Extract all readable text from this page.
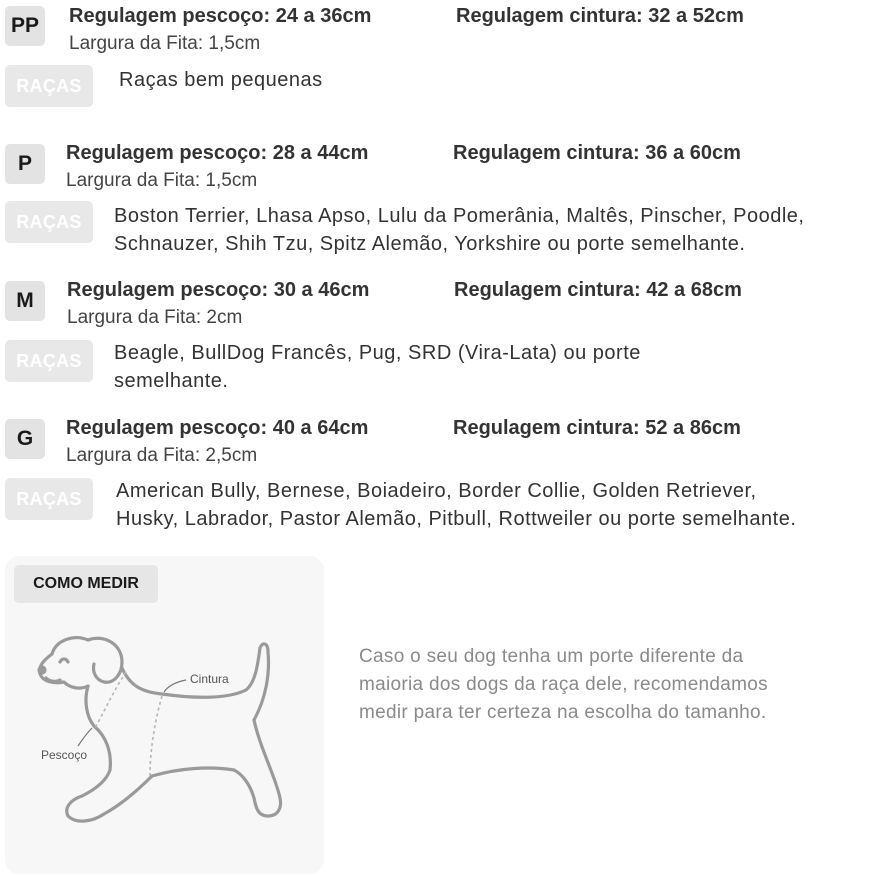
PP	Regulagem pescoço: 24 a 36cm	Regulagem cintura: 32 a 52cm
Largura da Fita: 1,5cm
RAÇAS	Raças bem pequenas
P	Regulagem pescoço: 28 a 44cm	Regulagem cintura: 36 a 60cm
Largura da Fita: 1,5cm
RAÇAS	Boston Terrier, Lhasa Apso, Lulu da Pomerânia, Maltês, Pinscher, Poodle,
Schnauzer, Shih Tzu, Spitz Alemão, Yorkshire ou porte semelhante.
M	Regulagem pescoço: 30 a 46cm	Regulagem cintura: 42 a 68cm
Largura da Fita: 2cm
RAÇAS	Beagle, BullDog Francês, Pug, SRD (Vira-Lata) ou porte
semelhante.
G	Regulagem pescoço: 40 a 64cm	Regulagem cintura: 52 a 86cm
Largura da Fita: 2,5cm
RAÇAS	American Bully, Bernese, Boiadeiro, Border Collie, Golden Retriever,
Husky, Labrador, Pastor Alemão, Pitbull, Rottweiler ou porte semelhante.
COMO MEDIR
Cintura
Pescoço
Caso o seu dog tenha um porte diferente da
maioria dos dogs da raça dele, recomendamos
medir para ter certeza na escolha do tamanho.
